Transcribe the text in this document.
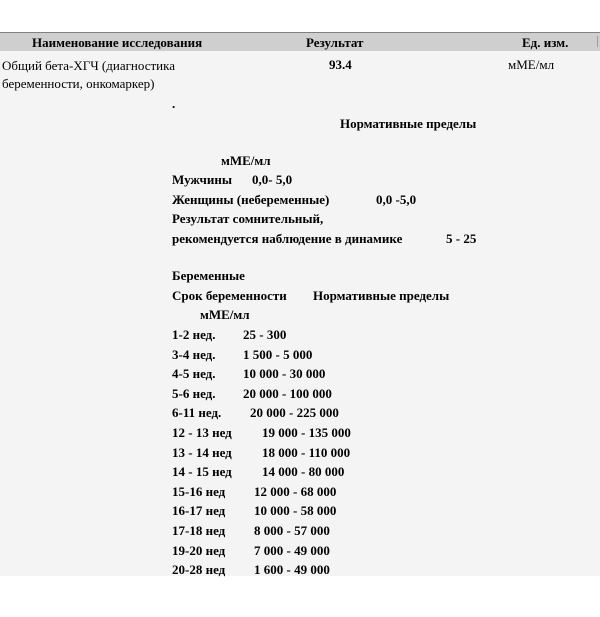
Наименование исследования	Результат	Ед. изм.
Общий бета-ХГЧ (диагностика
беременности, онкомаркер)
93.4	мМЕ/мл
.
Нормативные пределы
мМЕ/мл
Мужчины 0,0- 5,0
Женщины (небеременные)	0,0 -5,0
Результат сомнительный,
рекомендуется наблюдение в динамике	5 - 25
Беременные
Срок беременности Нормативные пределы
мМЕ/мл
1-2 нед. 25 - 300
3-4 нед. 1 500 - 5 000
4-5 нед. 10 000 - 30 000
5-6 нед. 20 000 - 100 000
6-11 нед. 20 000 - 225 000
12 - 13 нед 19 000 - 135 000
13 - 14 нед 18 000 - 110 000
14 - 15 нед 14 000 - 80 000
15-16 нед 12 000 - 68 000
16-17 нед 10 000 - 58 000
17-18 нед 8 000 - 57 000
19-20 нед 7 000 - 49 000
20-28 нед 1 600 - 49 000
